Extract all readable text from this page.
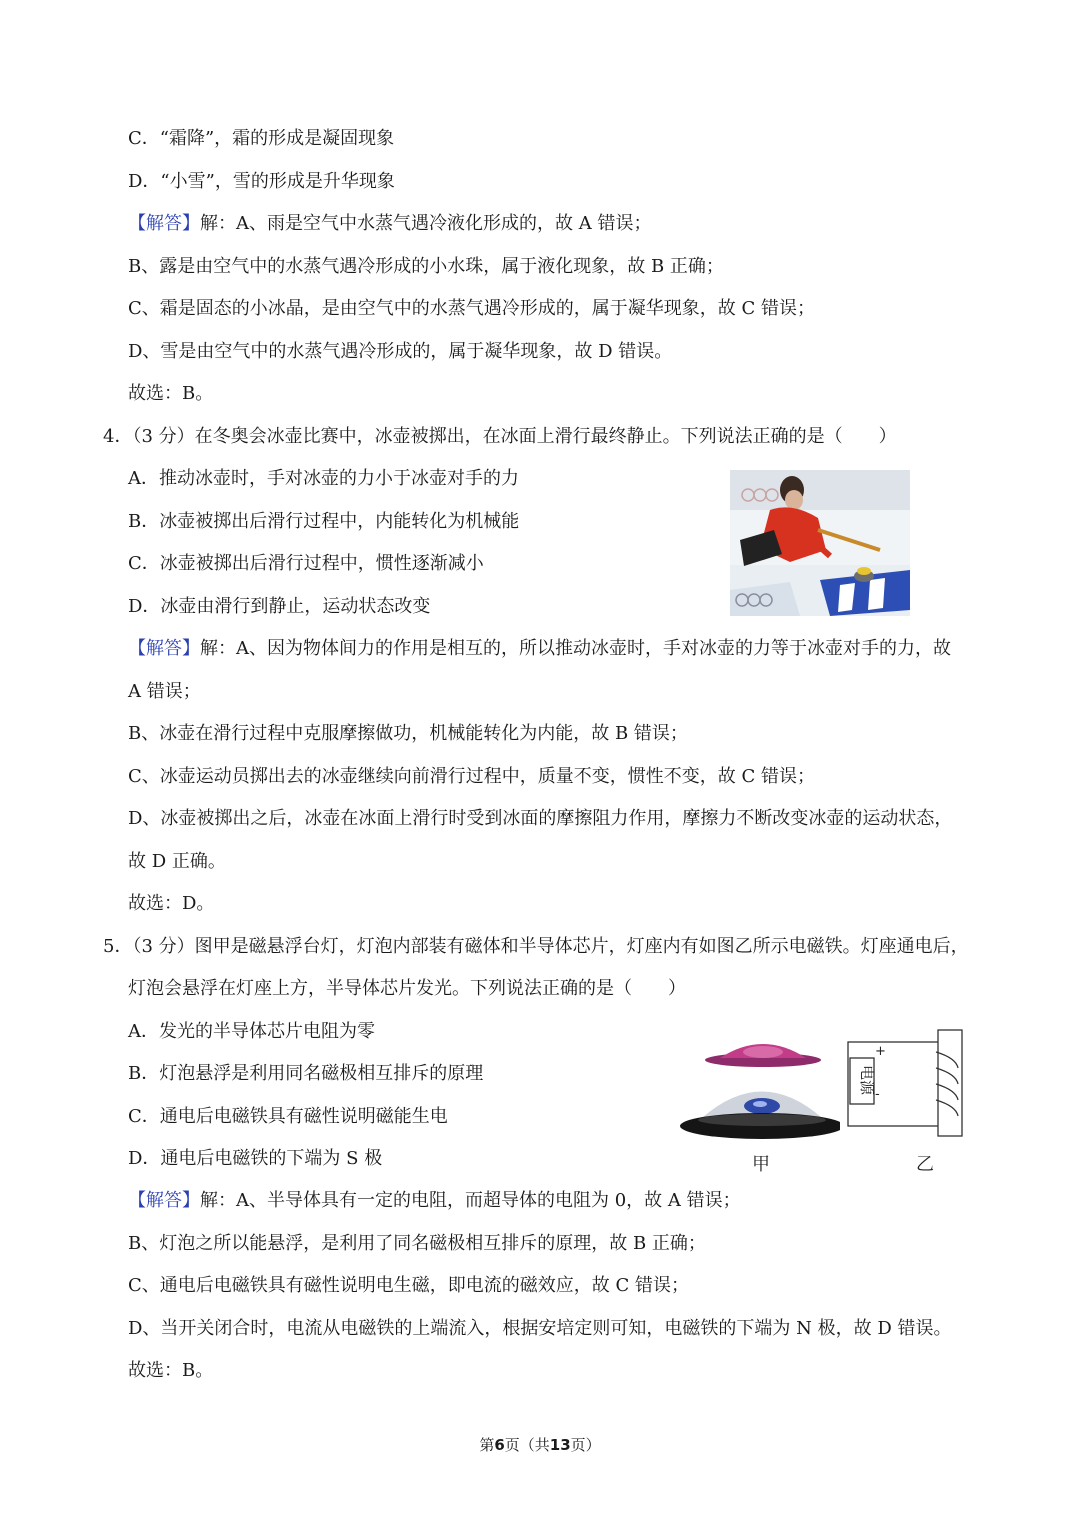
C．“霜降”，霜的形成是凝固现象
D．“小雪”，雪的形成是升华现象
【解答】解：A、雨是空气中水蒸气遇冷液化形成的，故 A 错误；
B、露是由空气中的水蒸气遇冷形成的小水珠，属于液化现象，故 B 正确；
C、霜是固态的小冰晶，是由空气中的水蒸气遇冷形成的，属于凝华现象，故 C 错误；
D、雪是由空气中的水蒸气遇冷形成的，属于凝华现象，故 D 错误。
故选：B。
4．（3 分）在冬奥会冰壶比赛中，冰壶被掷出，在冰面上滑行最终静止。下列说法正确的是（　　）
A．推动冰壶时，手对冰壶的力小于冰壶对手的力
B．冰壶被掷出后滑行过程中，内能转化为机械能
C．冰壶被掷出后滑行过程中，惯性逐渐减小
D．冰壶由滑行到静止，运动状态改变
【解答】解：A、因为物体间力的作用是相互的，所以推动冰壶时，手对冰壶的力等于冰壶对手的力，故
A 错误；
B、冰壶在滑行过程中克服摩擦做功，机械能转化为内能，故 B 错误；
C、冰壶运动员掷出去的冰壶继续向前滑行过程中，质量不变，惯性不变，故 C 错误；
D、冰壶被掷出之后，冰壶在冰面上滑行时受到冰面的摩擦阻力作用，摩擦力不断改变冰壶的运动状态，
故 D 正确。
故选：D。
5．（3 分）图甲是磁悬浮台灯，灯泡内部装有磁体和半导体芯片，灯座内有如图乙所示电磁铁。灯座通电后，
灯泡会悬浮在灯座上方，半导体芯片发光。下列说法正确的是（　　）
A．发光的半导体芯片电阻为零
B．灯泡悬浮是利用同名磁极相互排斥的原理
C．通电后电磁铁具有磁性说明磁能生电
D．通电后电磁铁的下端为 S 极	甲
电源
+
-
乙
【解答】解：A、半导体具有一定的电阻，而超导体的电阻为 0，故 A 错误；
B、灯泡之所以能悬浮，是利用了同名磁极相互排斥的原理，故 B 正确；
C、通电后电磁铁具有磁性说明电生磁，即电流的磁效应，故 C 错误；
D、当开关闭合时，电流从电磁铁的上端流入，根据安培定则可知，电磁铁的下端为 N 极，故 D 错误。
故选：B。
第6页（共13页）
